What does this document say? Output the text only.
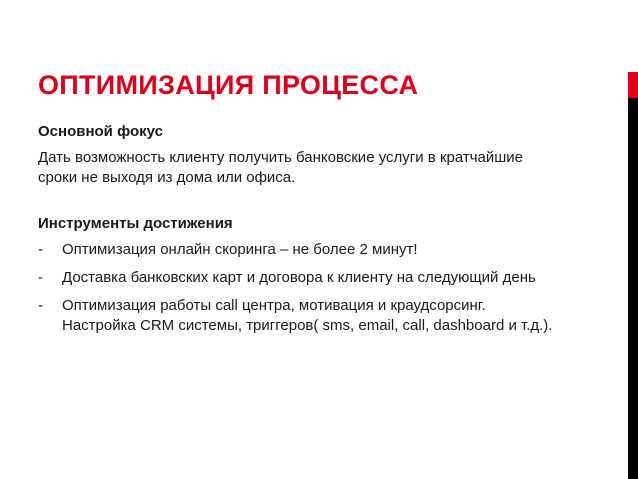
ОПТИМИЗАЦИЯ ПРОЦЕССА
Основной фокус

Дать возможность клиенту получить банковские услуги в кратчайшие сроки не выходя из дома или офиса.

Инструменты достижения
- Оптимизация онлайн скоринга – не более 2 минут!
- Доставка банковских карт и договора к клиенту на следующий день
- Оптимизация работы call центра, мотивация и краудсорсинг. Настройка CRM системы, триггеров( sms, email, call, dashboard и т.д.).
